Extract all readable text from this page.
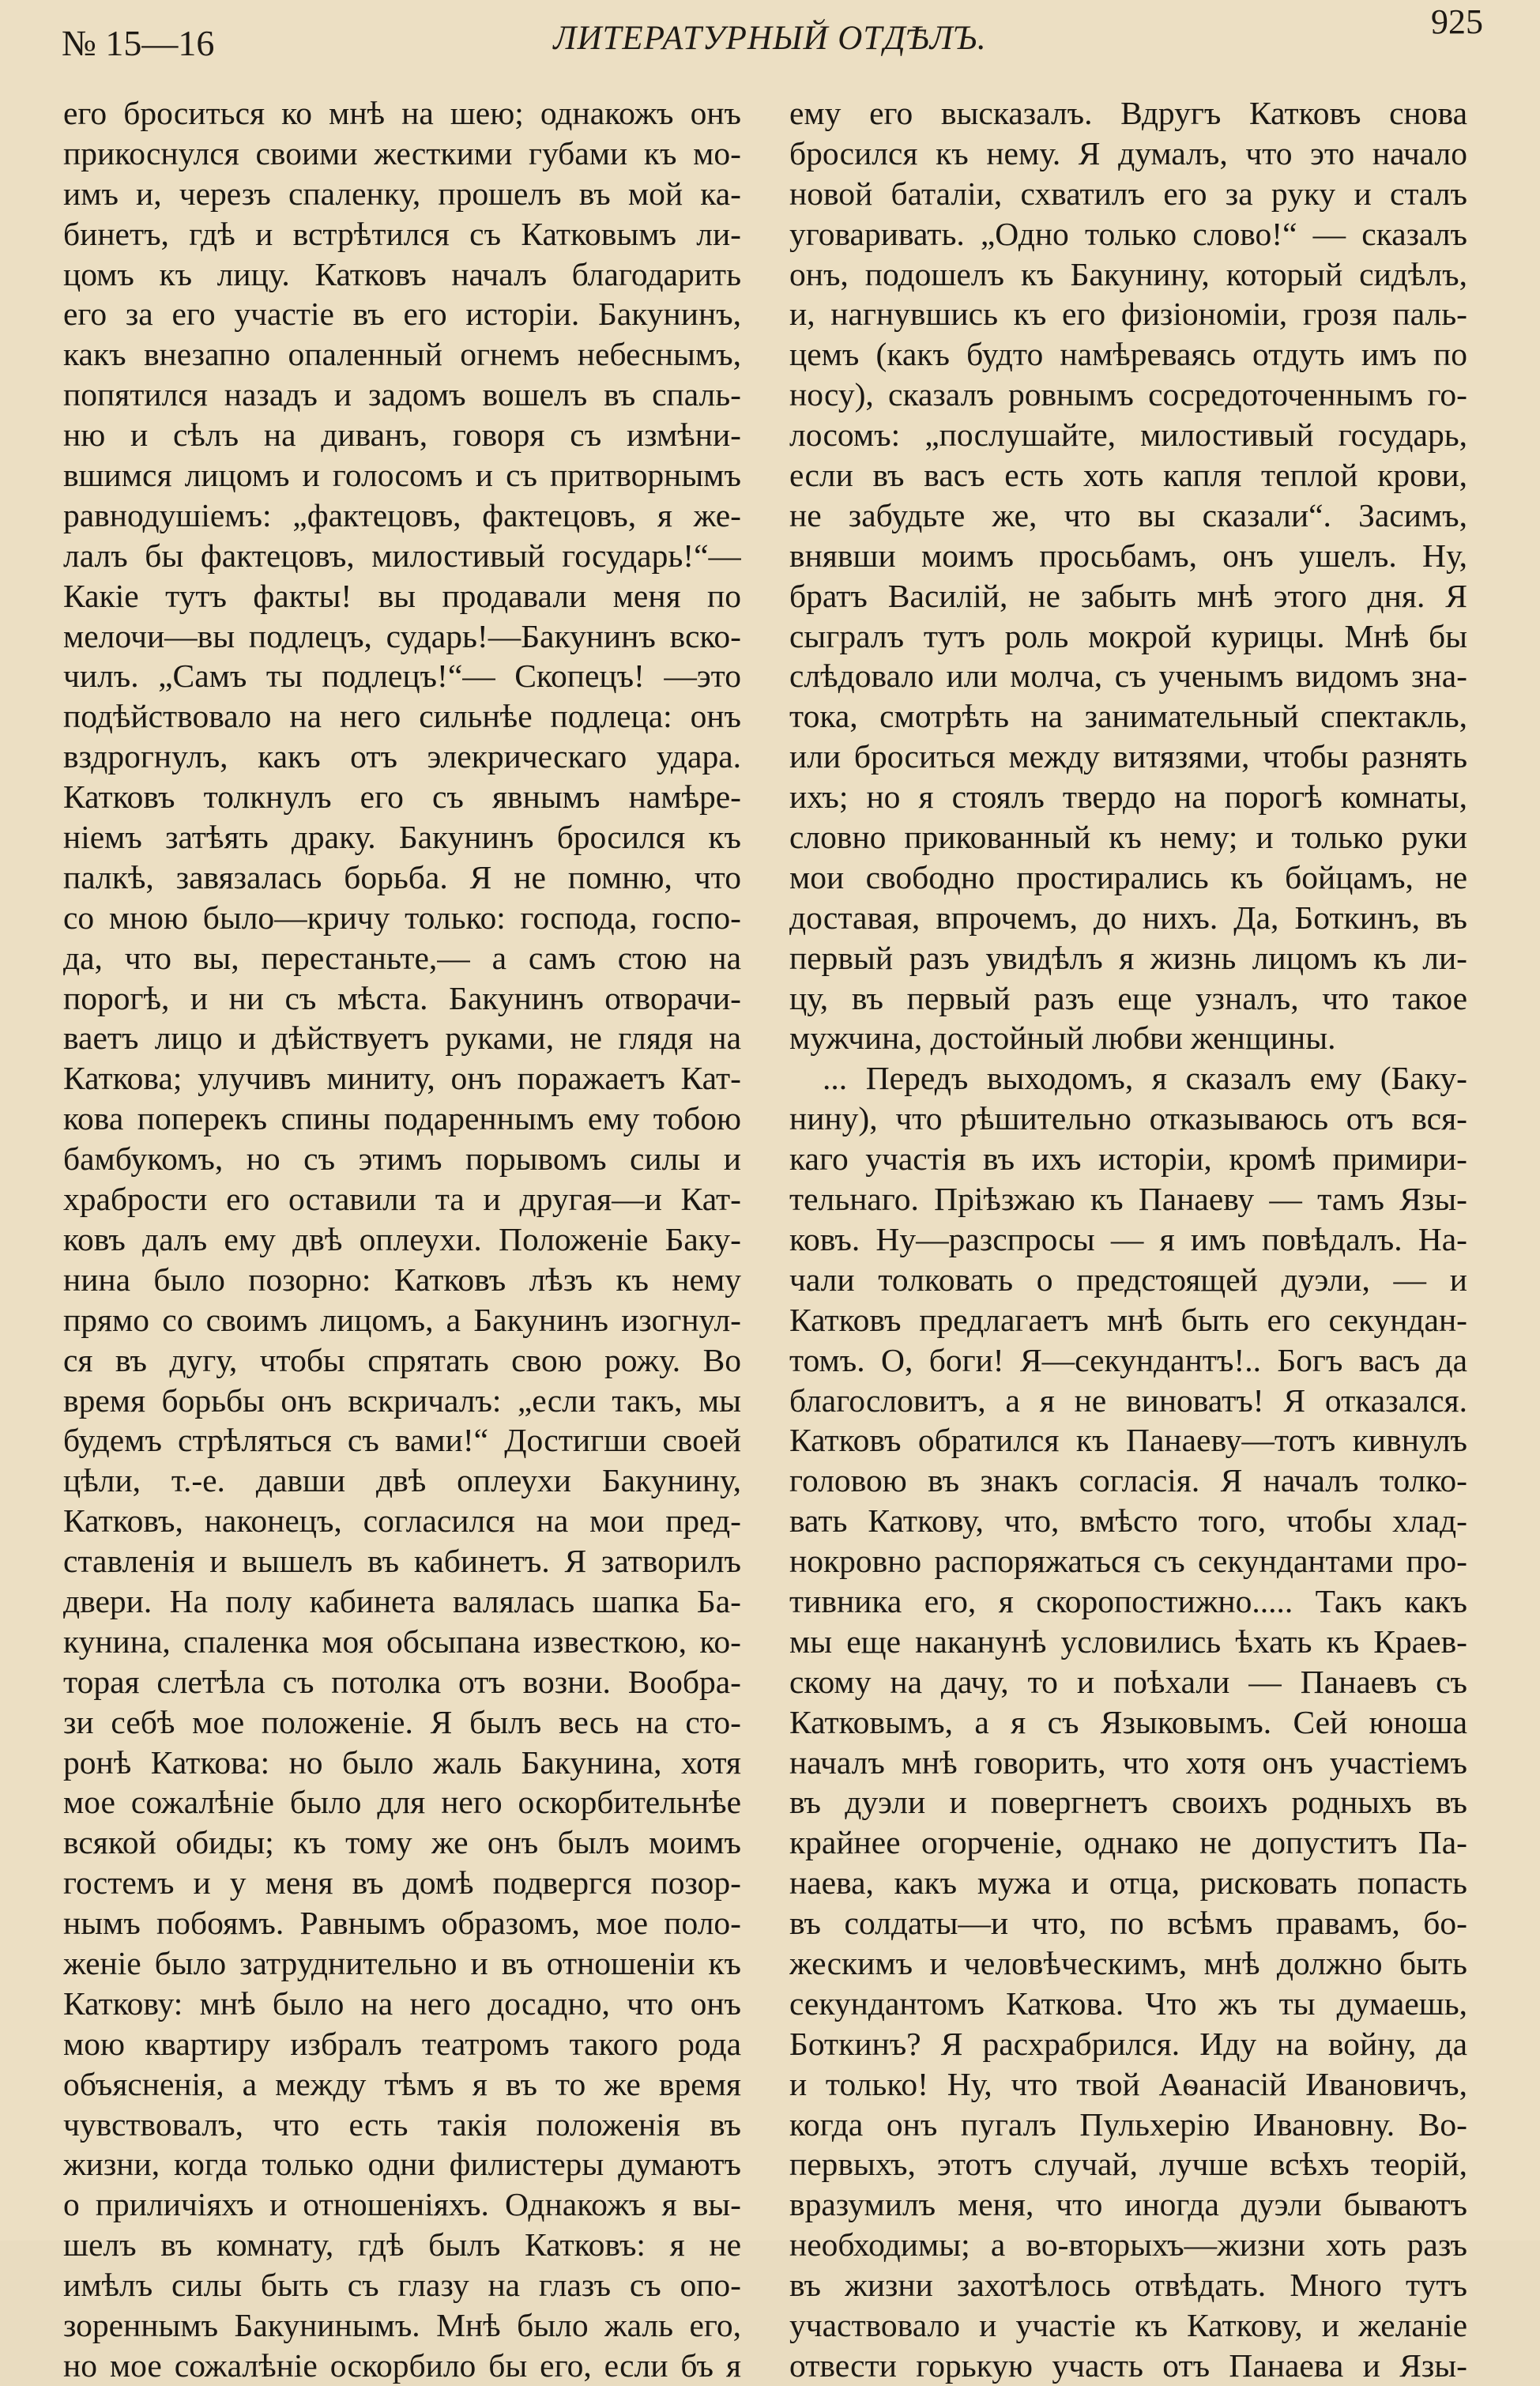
№ 15—16	ЛИТЕРАТУРНЫЙ ОТДѢЛЪ.	925
его броситься ко мнѣ на шею; однакожъ онъ
прикоснулся своими жесткими губами къ мо-
имъ и, черезъ спаленку, прошелъ въ мой ка-
бинетъ, гдѣ и встрѣтился съ Катковымъ ли-
цомъ къ лицу. Катковъ началъ благодарить
его за его участіе въ его исторіи. Бакунинъ,
какъ внезапно опаленный огнемъ небеснымъ,
попятился назадъ и задомъ вошелъ въ спаль-
ню и сѣлъ на диванъ, говоря съ измѣни-
вшимся лицомъ и голосомъ и съ притворнымъ
равнодушіемъ: „фактецовъ, фактецовъ, я же-
лалъ бы фактецовъ, милостивый государь!“—
Какіе тутъ факты! вы продавали меня по
мелочи—вы подлецъ, сударь!—Бакунинъ вско-
чилъ. „Самъ ты подлецъ!“— Скопецъ! —это
подѣйствовало на него сильнѣе подлеца: онъ
вздрогнулъ, какъ отъ элекрическаго удара.
Катковъ толкнулъ его съ явнымъ намѣре-
ніемъ затѣять драку. Бакунинъ бросился къ
палкѣ, завязалась борьба. Я не помню, что
со мною было—кричу только: господа, госпо-
да, что вы, перестаньте,— а самъ стою на
порогѣ, и ни съ мѣста. Бакунинъ отворачи-
ваетъ лицо и дѣйствуетъ руками, не глядя на
Каткова; улучивъ миниту, онъ поражаетъ Кат-
кова поперекъ спины подареннымъ ему тобою
бамбукомъ, но съ этимъ порывомъ силы и
храбрости его оставили та и другая—и Кат-
ковъ далъ ему двѣ оплеухи. Положеніе Баку-
нина было позорно: Катковъ лѣзъ къ нему
прямо со своимъ лицомъ, а Бакунинъ изогнул-
ся въ дугу, чтобы спрятать свою рожу. Во
время борьбы онъ вскричалъ: „если такъ, мы
будемъ стрѣляться съ вами!“ Достигши своей
цѣли, т.-е. давши двѣ оплеухи Бакунину,
Катковъ, наконецъ, согласился на мои пред-
ставленія и вышелъ въ кабинетъ. Я затворилъ
двери. На полу кабинета валялась шапка Ба-
кунина, спаленка моя обсыпана известкою, ко-
торая слетѣла съ потолка отъ возни. Вообра-
зи себѣ мое положеніе. Я былъ весь на сто-
ронѣ Каткова: но было жаль Бакунина, хотя
мое сожалѣніе было для него оскорбительнѣе
всякой обиды; къ тому же онъ былъ моимъ
гостемъ и у меня въ домѣ подвергся позор-
нымъ побоямъ. Равнымъ образомъ, мое поло-
женіе было затруднительно и въ отношеніи къ
Каткову: мнѣ было на него досадно, что онъ
мою квартиру избралъ театромъ такого рода
объясненія, а между тѣмъ я въ то же время
чувствовалъ, что есть такія положенія въ
жизни, когда только одни филистеры думаютъ
о приличіяхъ и отношеніяхъ. Однакожъ я вы-
шелъ въ комнату, гдѣ былъ Катковъ: я не
имѣлъ силы быть съ глазу на глазъ съ опо-
зореннымъ Бакунинымъ. Мнѣ было жаль его,
но мое сожалѣніе оскорбило бы его, если бъ я
ему его высказалъ. Вдругъ Катковъ снова
бросился къ нему. Я думалъ, что это начало
новой баталіи, схватилъ его за руку и сталъ
уговаривать. „Одно только слово!“ — сказалъ
онъ, подошелъ къ Бакунину, который сидѣлъ,
и, нагнувшись къ его физіономіи, грозя паль-
цемъ (какъ будто намѣреваясь отдуть имъ по
носу), сказалъ ровнымъ сосредоточеннымъ го-
лосомъ: „послушайте, милостивый государь,
если въ васъ есть хоть капля теплой крови,
не забудьте же, что вы сказали“. Засимъ,
внявши моимъ просьбамъ, онъ ушелъ. Ну,
братъ Василій, не забыть мнѣ этого дня. Я
сыгралъ тутъ роль мокрой курицы. Мнѣ бы
слѣдовало или молча, съ ученымъ видомъ зна-
тока, смотрѣть на занимательный спектакль,
или броситься между витязями, чтобы разнять
ихъ; но я стоялъ твердо на порогѣ комнаты,
словно прикованный къ нему; и только руки
мои свободно простирались къ бойцамъ, не
доставая, впрочемъ, до нихъ. Да, Боткинъ, въ
первый разъ увидѣлъ я жизнь лицомъ къ ли-
цу, въ первый разъ еще узналъ, что такое
мужчина, достойный любви женщины.
... Передъ выходомъ, я сказалъ ему (Баку-
нину), что рѣшительно отказываюсь отъ вся-
каго участія въ ихъ исторіи, кромѣ примири-
тельнаго. Пріѣзжаю къ Панаеву — тамъ Язы-
ковъ. Ну—разспросы — я имъ повѣдалъ. На-
чали толковать о предстоящей дуэли, — и
Катковъ предлагаетъ мнѣ быть его секундан-
томъ. О, боги! Я—секундантъ!.. Богъ васъ да
благословитъ, а я не виноватъ! Я отказался.
Катковъ обратился къ Панаеву—тотъ кивнулъ
головою въ знакъ согласія. Я началъ толко-
вать Каткову, что, вмѣсто того, чтобы хлад-
нокровно распоряжаться съ секундантами про-
тивника его, я скоропостижно..... Такъ какъ
мы еще наканунѣ условились ѣхать къ Краев-
скому на дачу, то и поѣхали — Панаевъ съ
Катковымъ, а я съ Языковымъ. Сей юноша
началъ мнѣ говорить, что хотя онъ участіемъ
въ дуэли и повергнетъ своихъ родныхъ въ
крайнее огорченіе, однако не допуститъ Па-
наева, какъ мужа и отца, рисковать попасть
въ солдаты—и что, по всѣмъ правамъ, бо-
жескимъ и человѣческимъ, мнѣ должно быть
секундантомъ Каткова. Что жъ ты думаешь,
Боткинъ? Я расхрабрился. Иду на войну, да
и только! Ну, что твой Аѳанасій Ивановичъ,
когда онъ пугалъ Пульхерію Ивановну. Во-
первыхъ, этотъ случай, лучше всѣхъ теорій,
вразумилъ меня, что иногда дуэли бываютъ
необходимы; а во-вторыхъ—жизни хоть разъ
въ жизни захотѣлось отвѣдать. Много тутъ
участвовало и участіе къ Каткову, и желаніе
отвести горькую участь отъ Панаева и Язы-
